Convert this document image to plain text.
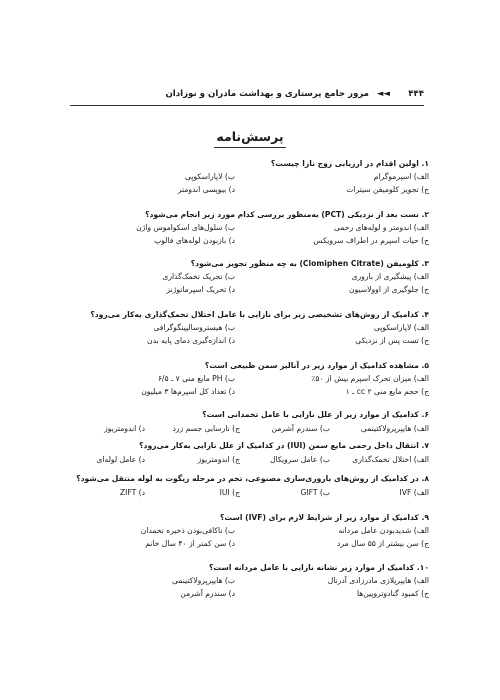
۴۴۴
◄◄
مرور جامع پرستاری و بهداشت مادران و نوزادان
پرسش‌نامه
۱. اولین اقدام در ارزیابی زوج نازا چیست؟
الف) اسپرموگرام
ب) لاپاراسکوپی
ج) تجویز کلومیفن سیترات
د) بیوپسی اندومتر
۲. تست بعد از نزدیکی (PCT) به‌منظور بررسی کدام مورد زیر انجام می‌شود؟
الف) اندومتر و لوله‌های رحمی
ب) سلول‌های اسکواموس واژن
ج) حیات اسپرم در اطراف سرویکس
د) بازبودن لوله‌های فالوپ
۳. کلومیفن (Clomiphen Citrate) به چه منظور تجویز می‌شود؟
الف) پیشگیری از باروری
ب) تحریک تخمک‌گذاری
ج) جلوگیری از اوولاسیون
د) تحریک اسپرماتوژنز
۴. کدامیک از روش‌های تشخیصی زیر برای نازایی با عامل اختلال تخمک‌گذاری به‌کار می‌رود؟
الف) لاپاراسکوپی
ب) هیستروسالپینگوگرافی
ج) تست پس از نزدیکی
د) اندازه‌گیری دمای پایه بدن
۵. مشاهده کدامیک از موارد زیر در آنالیز سمن طبیعی است؟
الف) میزان تحرک اسپرم بیش از ۵۰٪
ب) PH مایع منی ۷ ـ ۶/۵
ج) حجم مایع منی cc ۲ ـ ۱
د) تعداد کل اسپرم‌ها ۳ میلیون
۶. کدامیک از موارد زیر از علل نازایی با عامل تخمدانی است؟
الف) هایپرپرولاکتینمی
ب) سندرم آشرمن
ج) نارسایی جسم زرد
د) اندومتریوز
۷. انتقال داخل رحمی مایع سمن (IUI) در کدامیک از علل نازایی به‌کار می‌رود؟
الف) اختلال تخمک‌گذاری
ب) عامل سرویکال
ج) اندومتریوز
د) عامل لوله‌ای
۸. در کدامیک از روش‌های باروری‌سازی مصنوعی، تخم در مرحله زیگوت به لوله منتقل می‌شود؟
الف) IVF
ب) GIFT
ج) IUI
د) ZIFT
۹. کدامیک از موارد زیر از شرایط لازم برای (IVF) است؟
الف) شدیدبودن عامل مردانه
ب) ناکافی‌بودن ذخیره تخمدان
ج) سن بیشتر از ۵۵ سال مرد
د) سن کمتر از ۴۰ سال خانم
۱۰. کدامیک از موارد زیر نشانه نازایی با عامل مردانه است؟
الف) هایپرپلازی مادرزادی آدرنال
ب) هایپرپرولاکتینمی
ج) کمبود گنادوتروپین‌ها
د) سندرم آشرمن
